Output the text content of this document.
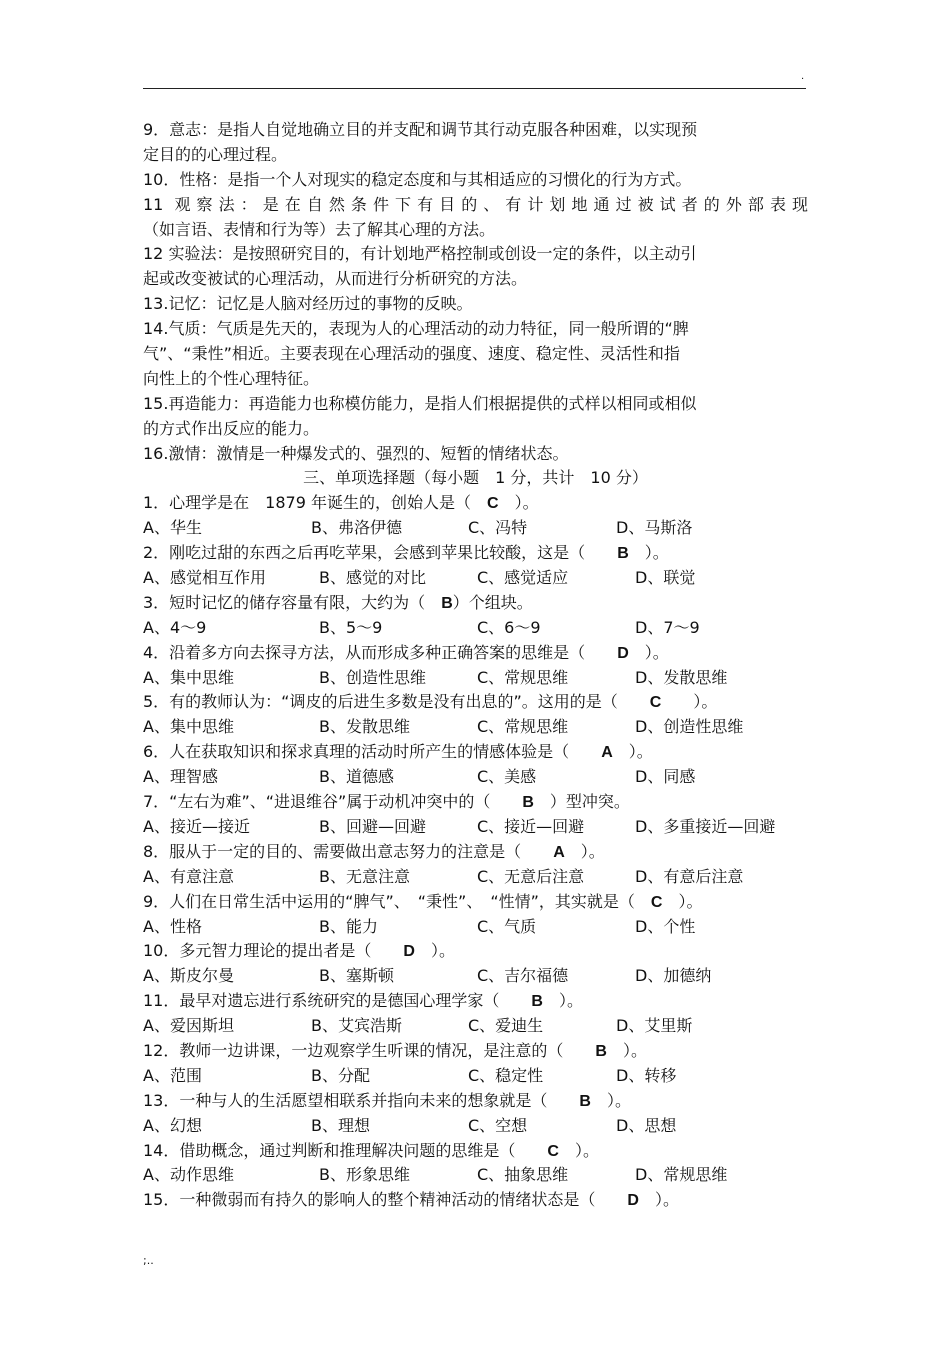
.
9．意志：是指人自觉地确立目的并支配和调节其行动克服各种困难，以实现预
定目的的心理过程。
10．性格：是指一个人对现实的稳定态度和与其相适应的习惯化的行为方式。
11 观察法：是在自然条件下有目的、有计划地通过被试者的外部表现
（如言语、表情和行为等）去了解其心理的方法。
12 实验法：是按照研究目的，有计划地严格控制或创设一定的条件，以主动引
起或改变被试的心理活动，从而进行分析研究的方法。
13.记忆：记忆是人脑对经历过的事物的反映。
14.气质：气质是先天的，表现为人的心理活动的动力特征，同一般所谓的“脾
气”、“秉性”相近。主要表现在心理活动的强度、速度、稳定性、灵活性和指
向性上的个性心理特征。
15.再造能力：再造能力也称模仿能力，是指人们根据提供的式样以相同或相似
的方式作出反应的能力。
16.激情：激情是一种爆发式的、强烈的、短暂的情绪状态。
三、单项选择题（每小题　1 分，共计　10 分）
1．心理学是在　1879 年诞生的，创始人是（　C　）。
A、华生	B、弗洛伊德	C、冯特	D、马斯洛
2．刚吃过甜的东西之后再吃苹果，会感到苹果比较酸，这是（　　B　）。
A、感觉相互作用	B、感觉的对比	C、感觉适应	D、联觉
3．短时记忆的储存容量有限，大约为（　B）个组块。
A、4～9	B、5～9	C、6～9	D、7～9
4．沿着多方向去探寻方法，从而形成多种正确答案的思维是（　　D　）。
A、集中思维	B、创造性思维	C、常规思维	D、发散思维
5．有的教师认为：“调皮的后进生多数是没有出息的”。这用的是（　　C　　）。
A、集中思维	B、发散思维	C、常规思维	D、创造性思维
6．人在获取知识和探求真理的活动时所产生的情感体验是（　　A　）。
A、理智感	B、道德感	C、美感	D、同感
7．“左右为难”、“进退维谷”属于动机冲突中的（　　B　）型冲突。
A、接近—接近	B、回避—回避	C、接近—回避	D、多重接近—回避
8．服从于一定的目的、需要做出意志努力的注意是（　　A　）。
A、有意注意	B、无意注意	C、无意后注意	D、有意后注意
9．人们在日常生活中运用的“脾气”、　“秉性”、　“性情”，其实就是（　C　）。
A、性格	B、能力	C、气质	D、个性
10．多元智力理论的提出者是（　　D　）。
A、斯皮尔曼	B、塞斯顿	C、吉尔福德	D、加德纳
11．最早对遗忘进行系统研究的是德国心理学家（　　B　）。
A、爱因斯坦	B、艾宾浩斯	C、爱迪生	D、艾里斯
12．教师一边讲课，一边观察学生听课的情况，是注意的（　　B　）。
A、范围	B、分配	C、稳定性	D、转移
13．一种与人的生活愿望相联系并指向未来的想象就是（　　B　）。
A、幻想	B、理想	C、空想	D、思想
14．借助概念，通过判断和推理解决问题的思维是（　　C　）。
A、动作思维	B、形象思维	C、抽象思维	D、常规思维
15．一种微弱而有持久的影响人的整个精神活动的情绪状态是（　　D　）。
;..
